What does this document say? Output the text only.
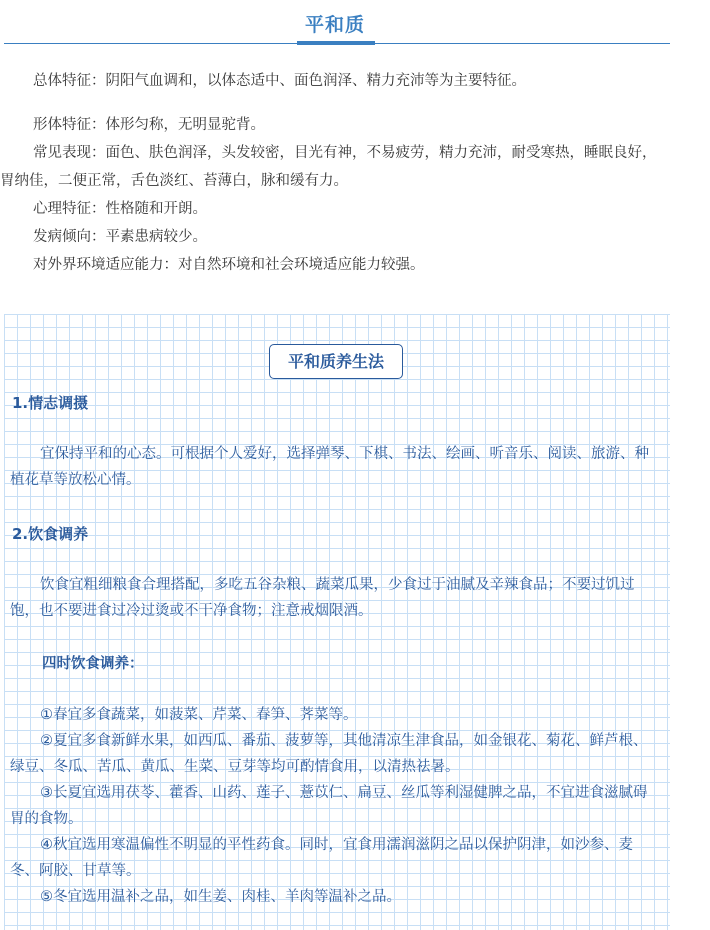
平和质

总体特征：阴阳气血调和，以体态适中、面色润泽、精力充沛等为主要特征。

形体特征：体形匀称，无明显驼背。

常见表现：面色、肤色润泽，头发较密，目光有神，不易疲劳，精力充沛，耐受寒热，睡眠良好，胃纳佳，二便正常，舌色淡红、苔薄白，脉和缓有力。

心理特征：性格随和开朗。

发病倾向：平素患病较少。

对外界环境适应能力：对自然环境和社会环境适应能力较强。

平和质养生法
1.情志调摄

宜保持平和的心态。可根据个人爱好，选择弹琴、下棋、书法、绘画、听音乐、阅读、旅游、种植花草等放松心情。

2.饮食调养

饮食宜粗细粮食合理搭配，多吃五谷杂粮、蔬菜瓜果，少食过于油腻及辛辣食品；不要过饥过饱，也不要进食过冷过烫或不干净食物；注意戒烟限酒。

四时饮食调养：

①春宜多食蔬菜，如菠菜、芹菜、春笋、荠菜等。

②夏宜多食新鲜水果，如西瓜、番茄、菠萝等，其他清凉生津食品，如金银花、菊花、鲜芦根、绿豆、冬瓜、苦瓜、黄瓜、生菜、豆芽等均可酌情食用，以清热祛暑。

③长夏宜选用茯苓、藿香、山药、莲子、薏苡仁、扁豆、丝瓜等利湿健脾之品，不宜进食滋腻碍胃的食物。

④秋宜选用寒温偏性不明显的平性药食。同时，宜食用濡润滋阴之品以保护阴津，如沙参、麦冬、阿胶、甘草等。

⑤冬宜选用温补之品，如生姜、肉桂、羊肉等温补之品。
